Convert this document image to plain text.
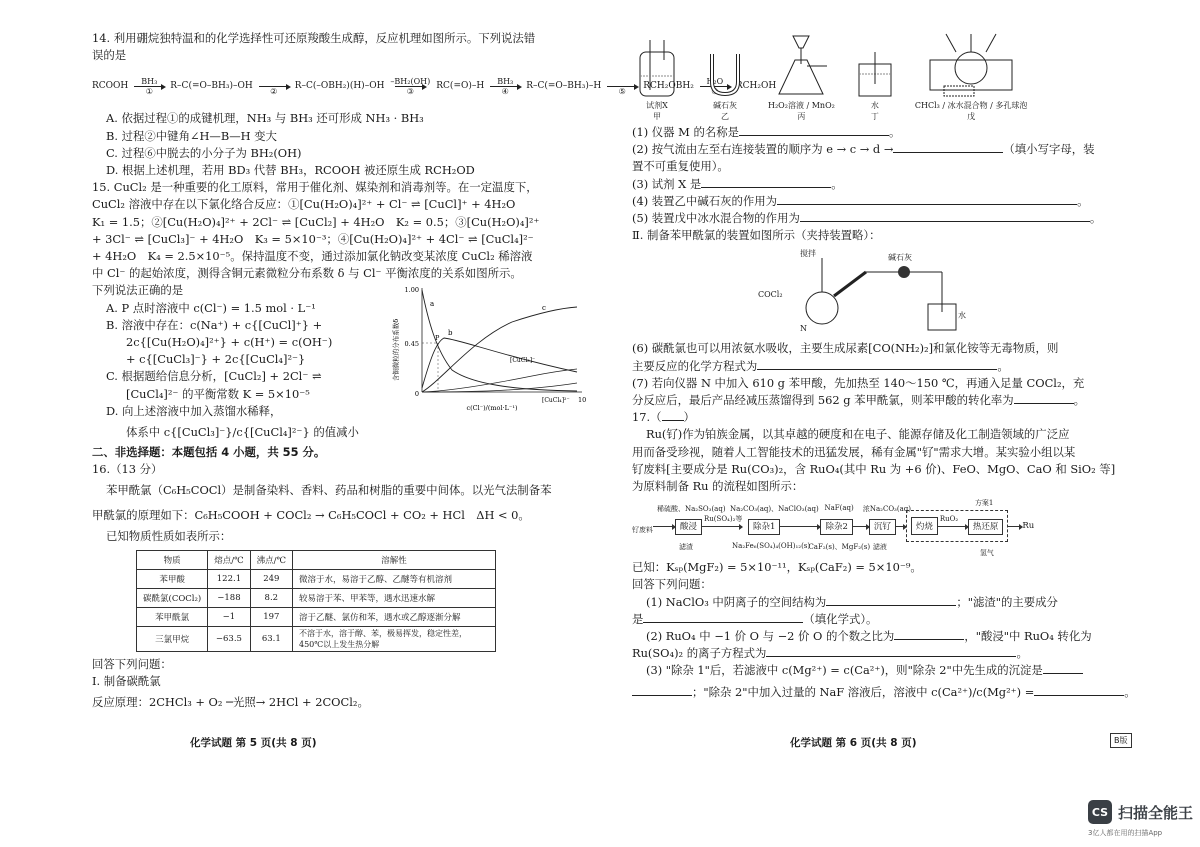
14. 利用硼烷独特温和的化学选择性可还原羧酸生成醇，反应机理如图所示。下列说法错

误的是

RCOOH BH₃
① R–C(=O–BH₃)–OH
② R–C(–OBH₂)(H)–OH –BH₂(OH)
③ RC(=O)–H BH₃
④ R–C(=O–BH₃)–H
⑤ RCH₂OBH₂ H₂O
⑥ RCH₂OH

A. 依据过程①的成键机理，NH₃ 与 BH₃ 还可形成 NH₃ · BH₃

B. 过程②中键角∠H—B—H 变大

C. 过程⑥中脱去的小分子为 BH₂(OH)

D. 根据上述机理，若用 BD₃ 代替 BH₃，RCOOH 被还原生成 RCH₂OD

15. CuCl₂ 是一种重要的化工原料，常用于催化剂、媒染剂和消毒剂等。在一定温度下，

CuCl₂ 溶液中存在以下氯化络合反应：①[Cu(H₂O)₄]²⁺ + Cl⁻ ⇌ [CuCl]⁺ + 4H₂O

K₁ = 1.5；②[Cu(H₂O)₄]²⁺ + 2Cl⁻ ⇌ [CuCl₂] + 4H₂O　K₂ = 0.5；③[Cu(H₂O)₄]²⁺

+ 3Cl⁻ ⇌ [CuCl₃]⁻ + 4H₂O　K₃ = 5×10⁻³；④[Cu(H₂O)₄]²⁺ + 4Cl⁻ ⇌ [CuCl₄]²⁻

+ 4H₂O　K₄ = 2.5×10⁻⁵。保持温度不变，通过添加氯化钠改变某浓度 CuCl₂ 稀溶液

中 Cl⁻ 的起始浓度，测得含铜元素微粒分布系数 δ 与 Cl⁻ 平衡浓度的关系如图所示。

下列说法正确的是

A. P 点时溶液中 c(Cl⁻) = 1.5 mol · L⁻¹

B. 溶液中存在：c(Na⁺) + c{[CuCl]⁺} +

2c{[Cu(H₂O)₄]²⁺} + c(H⁺) = c(OH⁻)

+ c{[CuCl₃]⁻} + 2c{[CuCl₄]²⁻}

C. 根据题给信息分析，[CuCl₂] + 2Cl⁻ ⇌

[CuCl₄]²⁻ 的平衡常数 K = 5×10⁻⁵

D. 向上述溶液中加入蒸馏水稀释，

体系中 c{[CuCl₃]⁻}/c{[CuCl₄]²⁻} 的值减小

二、非选择题：本题包括 4 小题，共 55 分。

16.（13 分）

苯甲酰氯（C₆H₅COCl）是制备染料、香料、药品和树脂的重要中间体。以光气法制备苯

甲酰氯的原理如下：C₆H₅COOH + COCl₂ → C₆H₅COCl + CO₂ + HCl　ΔH < 0。

已知物质性质如表所示：

物质	熔点/℃	沸点/℃	溶解性
苯甲酸	122.1	249	微溶于水，易溶于乙醇、乙醚等有机溶剂
碳酰氯(COCl₂)	−188	8.2	较易溶于苯、甲苯等，遇水迅速水解
苯甲酰氯	−1	197	溶于乙醚、氯仿和苯，遇水或乙醇逐渐分解
三氯甲烷	−63.5	63.1	不溶于水，溶于醇、苯，极易挥发，稳定性差，450℃以上发生热分解

回答下列问题：

Ⅰ. 制备碳酰氯

反应原理：2CHCl₃ + O₂ ─光照→ 2HCl + 2COCl₂。

含铜微粒的分布系数δ
1.00
0.45
0
a
b
c
P
[CuCl₃]⁻
[CuCl₄]²⁻ 10
c(Cl⁻)/(mol·L⁻¹)
试剂X
甲
碱石灰
乙
H₂O₂溶液 / MnO₂
丙
水
丁
CHCl₃ / 冰水混合物 / 多孔球泡
戊

(1) 仪器 M 的名称是	。

(2) 按气流由左至右连接装置的顺序为 e → c → d →	（填小写字母，装

置不可重复使用）。

(3) 试剂 X 是	。

(4) 装置乙中碱石灰的作用为	。

(5) 装置戊中冰水混合物的作用为	。

Ⅱ. 制备苯甲酰氯的装置如图所示（夹持装置略）：

搅拌	碱石灰
COCl₂
N
水

(6) 碳酰氯也可以用浓氨水吸收，主要生成尿素[CO(NH₂)₂]和氯化铵等无毒物质，则

主要反应的化学方程式为	。

(7) 若向仪器 N 中加入 610 g 苯甲酸，先加热至 140～150 ℃，再通入足量 COCl₂，充

分反应后，最后产品经减压蒸馏得到 562 g 苯甲酰氯，则苯甲酸的转化率为	。

17.（ ）

Ru(钌)作为铂族金属，以其卓越的硬度和在电子、能源存储及化工制造领域的广泛应

用而备受珍视，随着人工智能技术的迅猛发展，稀有金属"钌"需求大增。某实验小组以某

钌废料[主要成分是 Ru(CO₃)₂，含 RuO₄(其中 Ru 为 +6 价)、FeO、MgO、CaO 和 SiO₂ 等]

为原料制备 Ru 的流程如图所示：

钌废料
稀硫酸、Na₂SO₃(aq)
酸浸
滤渣
Ru(SO₄)₂等
Na₂CO₃(aq)、NaClO₃(aq)
除杂1
Na₂Fe₆(SO₄)₄(OH)₁₂(s)
NaF(aq)
除杂2
CaF₂(s)、MgF₂(s)
浓Na₂CO₃(aq)
沉钌
滤液
方案1
灼烧
RuO₂
热还原
氢气
Ru

已知：Kₛₚ(MgF₂) = 5×10⁻¹¹，Kₛₚ(CaF₂) = 5×10⁻⁹。

回答下列问题：

(1) NaClO₃ 中阴离子的空间结构为	；"滤渣"的主要成分

是	（填化学式）。

(2) RuO₄ 中 −1 价 O 与 −2 价 O 的个数之比为	，"酸浸"中 RuO₄ 转化为

Ru(SO₄)₂ 的离子方程式为	。

(3) "除杂 1"后，若滤液中 c(Mg²⁺) = c(Ca²⁺)，则"除杂 2"中先生成的沉淀是

；"除杂 2"中加入过量的 NaF 溶液后，溶液中 c(Ca²⁺)/c(Mg²⁺) =	。

化学试题 第 5 页(共 8 页)	化学试题 第 6 页(共 8 页)	B版
CS 扫描全能王
3亿人都在用的扫描App
